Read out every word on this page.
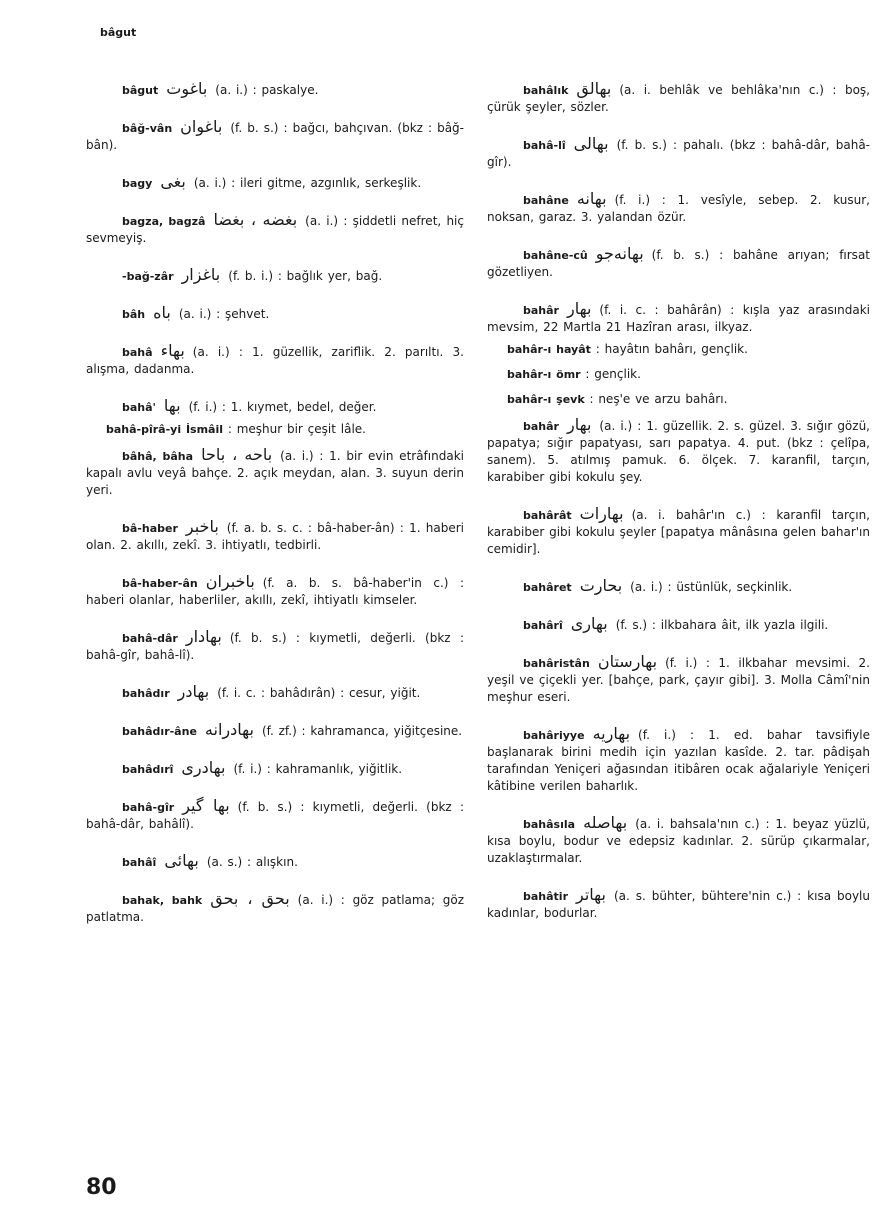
bâgut

bâgut باغوت (a. i.) : paskalye.

bâğ-vân باغوان (f. b. s.) : bağcı, bahçıvan. (bkz : bâğ-bân).

bagy بغی (a. i.) : ileri gitme, azgınlık, serkeşlik.

bagza, bagzâ بغضه ، بغضا (a. i.) : şiddetli nefret, hiç sevmeyiş.

-bağ-zâr باغزار (f. b. i.) : bağlık yer, bağ.

bâh باه (a. i.) : şehvet.

bahâ بهاء (a. i.) : 1. güzellik, zariflik. 2. parıltı. 3. alışma, dadanma.

bahâ' بها (f. i.) : 1. kıymet, bedel, değer.

bahâ-pîrâ-yi İsmâil : meşhur bir çeşit lâle.

bâhâ, bâha باحه ، باحا (a. i.) : 1. bir evin etrâfındaki kapalı avlu veyâ bahçe. 2. açık meydan, alan. 3. suyun derin yeri.

bâ-haber باخبر (f. a. b. s. c. : bâ-haber-ân) : 1. haberi olan. 2. akıllı, zekî. 3. ihtiyatlı, tedbirli.

bâ-haber-ân باخبران (f. a. b. s. bâ-haber'in c.) : haberi olanlar, haberliler, akıllı, zekî, ihtiyatlı kimseler.

bahâ-dâr بهادار (f. b. s.) : kıymetli, değerli. (bkz : bahâ-gîr, bahâ-lî).

bahâdır بهادر (f. i. c. : bahâdırân) : cesur, yiğit.

bahâdır-âne بهادرانه (f. zf.) : kahramanca, yiğitçesine.

bahâdırî بهادری (f. i.) : kahramanlık, yiğitlik.

bahâ-gîr بها گیر (f. b. s.) : kıymetli, değerli. (bkz : bahâ-dâr, bahâlî).

bahâî بهائی (a. s.) : alışkın.

bahak, bahk بحق ، بحق (a. i.) : göz patlama; göz patlatma.

bahâlık بهالق (a. i. behlâk ve behlâka'nın c.) : boş, çürük şeyler, sözler.

bahâ-lî بهالی (f. b. s.) : pahalı. (bkz : bahâ-dâr, bahâ-gîr).

bahâne بهانه (f. i.) : 1. vesîyle, sebep. 2. kusur, noksan, garaz. 3. yalandan özür.

bahâne-cû بهانه‌جو (f. b. s.) : bahâne arıyan; fırsat gözetliyen.

bahâr بهار (f. i. c. : bahârân) : kışla yaz arasındaki mevsim, 22 Martla 21 Hazîran arası, ilkyaz.

bahâr-ı hayât : hayâtın bahârı, gençlik.

bahâr-ı ömr : gençlik.

bahâr-ı şevk : neş'e ve arzu bahârı.

bahâr بهار (a. i.) : 1. güzellik. 2. s. güzel. 3. sığır gözü, papatya; sığır papatyası, sarı papatya. 4. put. (bkz : çelîpa, sanem). 5. atılmış pamuk. 6. ölçek. 7. karanfil, tarçın, karabiber gibi kokulu şey.

bahârât بهارات (a. i. bahâr'ın c.) : karanfil tarçın, karabiber gibi kokulu şeyler [papatya mânâsına gelen bahar'ın cemidir].

bahâret بحارت (a. i.) : üstünlük, seçkinlik.

bahârî بهاری (f. s.) : ilkbahara âit, ilk yazla ilgili.

bahâristân بهارستان (f. i.) : 1. ilkbahar mevsimi. 2. yeşil ve çiçekli yer. [bahçe, park, çayır gibi]. 3. Molla Câmî'nin meşhur eseri.

bahâriyye بهاریه (f. i.) : 1. ed. bahar tavsifiyle başlanarak birini medih için yazılan kasîde. 2. tar. pâdişah tarafından Yeniçeri ağasından itibâren ocak ağalariyle Yeniçeri kâtibine verilen baharlık.

bahâsıla بهاصله (a. i. bahsala'nın c.) : 1. beyaz yüzlü, kısa boylu, bodur ve edepsiz kadınlar. 2. sürüp çıkarmalar, uzaklaştırmalar.

bahâtir بهاتر (a. s. bühter, bühtere'nin c.) : kısa boylu kadınlar, bodurlar.

80
